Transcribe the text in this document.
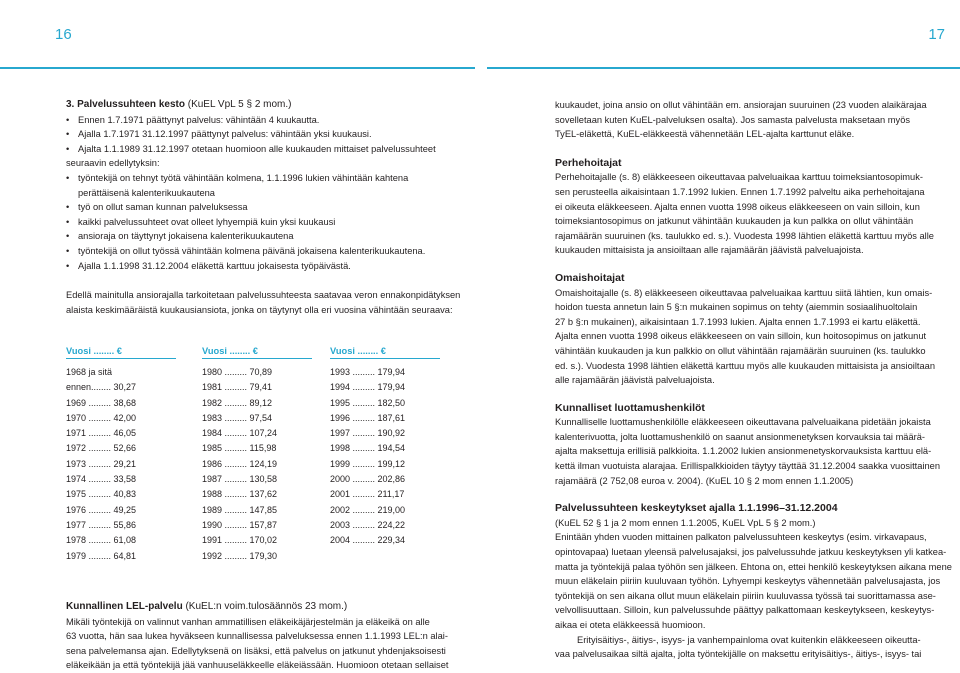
16	17

3. Palvelussuhteen kesto (KuEL VpL 5 § 2 mom.)

• Ennen 1.7.1971 päättynyt palvelus: vähintään 4 kuukautta.

• Ajalla 1.7.1971 31.12.1997 päättynyt palvelus: vähintään yksi kuukausi.

• Ajalta 1.1.1989 31.12.1997 otetaan huomioon alle kuukauden mittaiset palvelussuhteet

seuraavin edellytyksin:

• työntekijä on tehnyt työtä vähintään kolmena, 1.1.1996 lukien vähintään kahtena

perättäisenä kalenterikuukautena

• työ on ollut saman kunnan palveluksessa

• kaikki palvelussuhteet ovat olleet lyhyempiä kuin yksi kuukausi

• ansioraja on täyttynyt jokaisena kalenterikuukautena

• työntekijä on ollut työssä vähintään kolmena päivänä jokaisena kalenterikuukautena.

• Ajalla 1.1.1998 31.12.2004 eläkettä karttuu jokaisesta työpäivästä.

Edellä mainitulla ansiorajalla tarkoitetaan palvelussuhteesta saatavaa veron ennakonpidätyksen

alaista keskimääräistä kuukausiansiota, jonka on täytynyt olla eri vuosina vähintään seuraava:

Vuosi ........ €
1968 ja sitä
ennen........ 30,27
1969 ......... 38,68
1970 ......... 42,00
1971 ......... 46,05
1972 ......... 52,66
1973 ......... 29,21
1974 ......... 33,58
1975 ......... 40,83
1976 ......... 49,25
1977 ......... 55,86
1978 ......... 61,08
1979 ......... 64,81
Vuosi ........ €
1980 ......... 70,89
1981 ......... 79,41
1982 ......... 89,12
1983 ......... 97,54
1984 ......... 107,24
1985 ......... 115,98
1986 ......... 124,19
1987 ......... 130,58
1988 ......... 137,62
1989 ......... 147,85
1990 ......... 157,87
1991 ......... 170,02
1992 ......... 179,30
Vuosi ........ €
1993 ......... 179,94
1994 ......... 179,94
1995 ......... 182,50
1996 ......... 187,61
1997 ......... 190,92
1998 ......... 194,54
1999 ......... 199,12
2000 ......... 202,86
2001 ......... 211,17
2002 ......... 219,00
2003 ......... 224,22
2004 ......... 229,34

Kunnallinen LEL-palvelu (KuEL:n voim.tulosäännös 23 mom.)

Mikäli työntekijä on valinnut vanhan ammatillisen eläkeikäjärjestelmän ja eläkeikä on alle

63 vuotta, hän saa lukea hyväkseen kunnallisessa palveluksessa ennen 1.1.1993 LEL:n alai-

sena palvelemansa ajan. Edellytyksenä on lisäksi, että palvelus on jatkunut yhdenjaksoisesti

eläkeikään ja että työntekijä jää vanhuuseläkkeelle eläkeiässään. Huomioon otetaan sellaiset

kuukaudet, joina ansio on ollut vähintään em. ansiorajan suuruinen (23 vuoden alaikärajaa

sovelletaan kuten KuEL-palveluksen osalta). Jos samasta palvelusta maksetaan myös

TyEL-eläkettä, KuEL-eläkkeestä vähennetään LEL-ajalta karttunut eläke.

Perhehoitajat

Perhehoitajalle (s. 8) eläkkeeseen oikeuttavaa palveluaikaa karttuu toimeksiantosopimuk-

sen perusteella aikaisintaan 1.7.1992 lukien. Ennen 1.7.1992 palveltu aika perhehoitajana

ei oikeuta eläkkeeseen. Ajalta ennen vuotta 1998 oikeus eläkkeeseen on vain silloin, kun

toimeksiantosopimus on jatkunut vähintään kuukauden ja kun palkka on ollut vähintään

rajamäärän suuruinen (ks. taulukko ed. s.). Vuodesta 1998 lähtien eläkettä karttuu myös alle

kuukauden mittaisista ja ansioiltaan alle rajamäärän jäävistä palveluajoista.

Omaishoitajat

Omaishoitajalle (s. 8) eläkkeeseen oikeuttavaa palveluaikaa karttuu siitä lähtien, kun omais-

hoidon tuesta annetun lain 5 §:n mukainen sopimus on tehty (aiemmin sosiaalihuoltolain

27 b §:n mukainen), aikaisintaan 1.7.1993 lukien. Ajalta ennen 1.7.1993 ei kartu eläkettä.

Ajalta ennen vuotta 1998 oikeus eläkkeeseen on vain silloin, kun hoitosopimus on jatkunut

vähintään kuukauden ja kun palkkio on ollut vähintään rajamäärän suuruinen (ks. taulukko

ed. s.). Vuodesta 1998 lähtien eläkettä karttuu myös alle kuukauden mittaisista ja ansioiltaan

alle rajamäärän jäävistä palveluajoista.

Kunnalliset luottamushenkilöt

Kunnalliselle luottamushenkilölle eläkkeeseen oikeuttavana palveluaikana pidetään jokaista

kalenterivuotta, jolta luottamushenkilö on saanut ansionmenetyksen korvauksia tai määrä-

ajalta maksettuja erillisiä palkkioita. 1.1.2002 lukien ansionmenetyskorvauksista karttuu elä-

kettä ilman vuotuista alarajaa. Erillispalkkioiden täytyy täyttää 31.12.2004 saakka vuosittainen

rajamäärä (2 752,08 euroa v. 2004). (KuEL 10 § 2 mom ennen 1.1.2005)

Palvelussuhteen keskeytykset ajalla 1.1.1996–31.12.2004

(KuEL 52 § 1 ja 2 mom ennen 1.1.2005, KuEL VpL 5 § 2 mom.)

Enintään yhden vuoden mittainen palkaton palvelussuhteen keskeytys (esim. virkavapaus,

opintovapaa) luetaan yleensä palvelusajaksi, jos palvelussuhde jatkuu keskeytyksen yli katkea-

matta ja työntekijä palaa työhön sen jälkeen. Ehtona on, ettei henkilö keskeytyksen aikana mene

muun eläkelain piiriin kuuluvaan työhön. Lyhyempi keskeytys vähennetään palvelusajasta, jos

työntekijä on sen aikana ollut muun eläkelain piiriin kuuluvassa työssä tai suorittamassa ase-

velvollisuuttaan. Silloin, kun palvelussuhde päättyy palkattomaan keskeytykseen, keskeytys-

aikaa ei oteta eläkkeessä huomioon.

Erityisäitiys-, äitiys-, isyys- ja vanhempainloma ovat kuitenkin eläkkeeseen oikeutta-

vaa palvelusaikaa siltä ajalta, jolta työntekijälle on maksettu erityisäitiys-, äitiys-, isyys- tai
